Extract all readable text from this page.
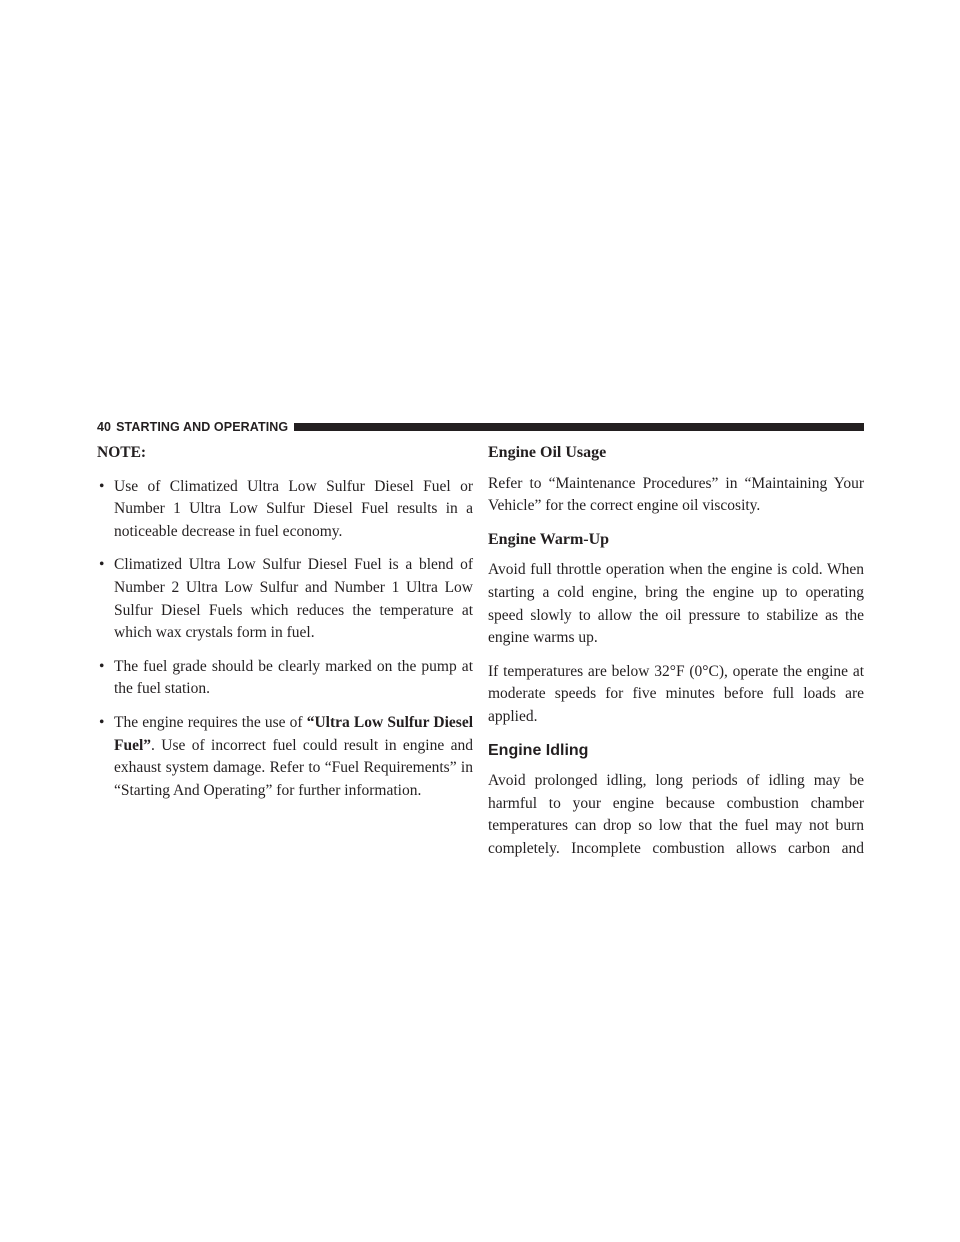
40 STARTING AND OPERATING
NOTE:
• Use of Climatized Ultra Low Sulfur Diesel Fuel or Number 1 Ultra Low Sulfur Diesel Fuel results in a noticeable decrease in fuel economy.
• Climatized Ultra Low Sulfur Diesel Fuel is a blend of Number 2 Ultra Low Sulfur and Number 1 Ultra Low Sulfur Diesel Fuels which reduces the temperature at which wax crystals form in fuel.
• The fuel grade should be clearly marked on the pump at the fuel station.
• The engine requires the use of “Ultra Low Sulfur Diesel Fuel”. Use of incorrect fuel could result in engine and exhaust system damage. Refer to “Fuel Requirements” in “Starting And Operating” for further information.
Engine Oil Usage

Refer to “Maintenance Procedures” in “Maintaining Your Vehicle” for the correct engine oil viscosity.

Engine Warm-Up

Avoid full throttle operation when the engine is cold. When starting a cold engine, bring the engine up to operating speed slowly to allow the oil pressure to stabilize as the engine warms up.

If temperatures are below 32°F (0°C), operate the engine at moderate speeds for five minutes before full loads are applied.

Engine Idling

Avoid prolonged idling, long periods of idling may be harmful to your engine because combustion chamber temperatures can drop so low that the fuel may not burn completely. Incomplete combustion allows carbon and
